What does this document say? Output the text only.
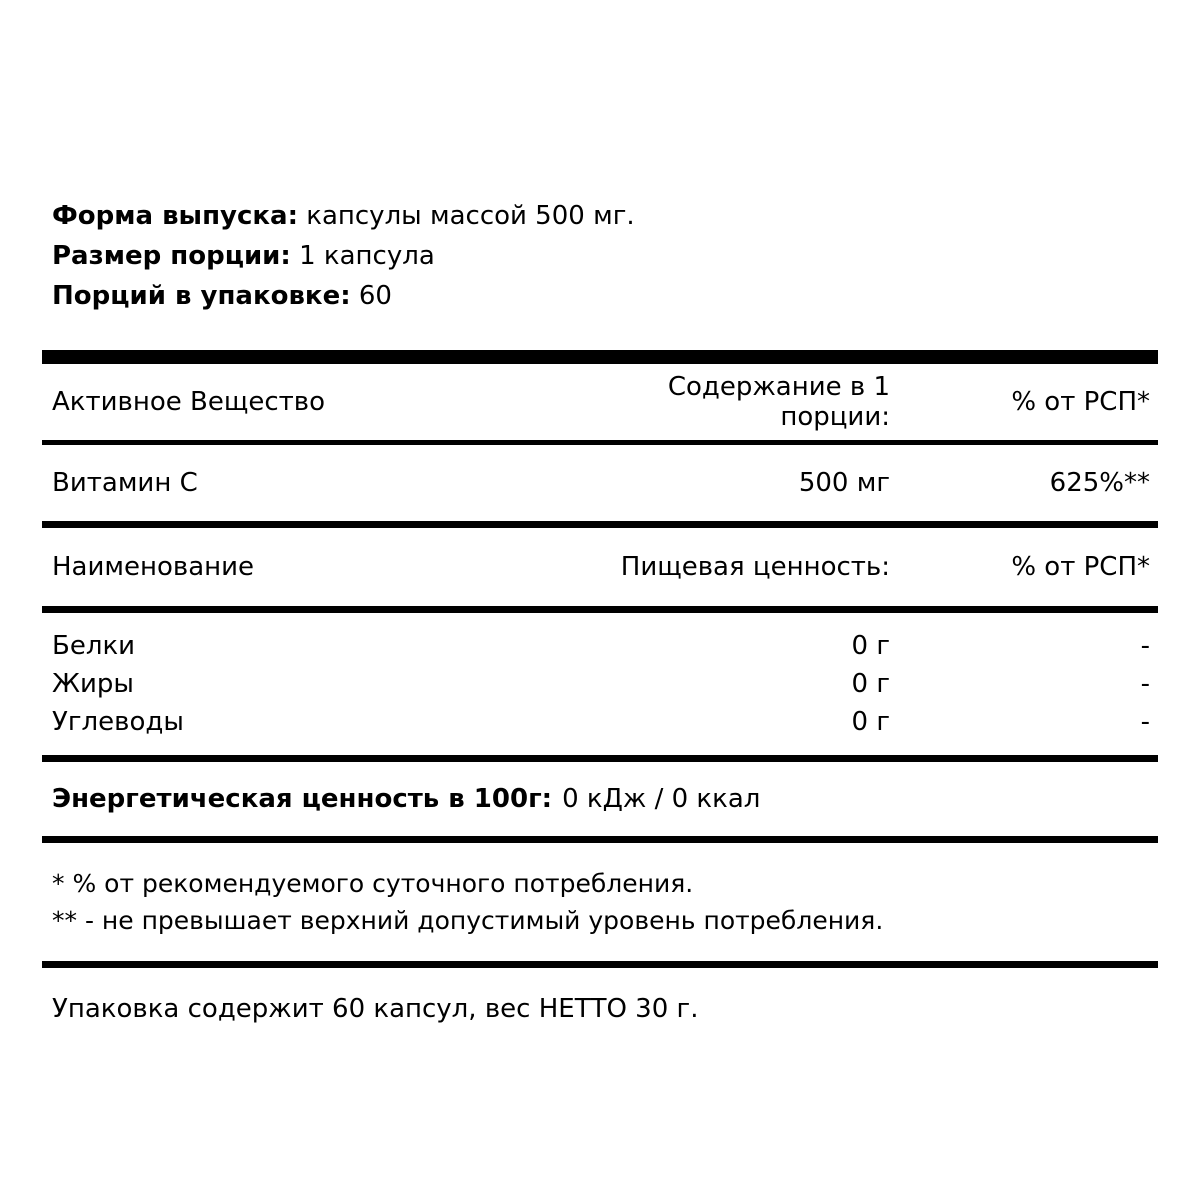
Форма выпуска: капсулы массой 500 мг.
Размер порции: 1 капсула
Порций в упаковке: 60
Активное Вещество	Содержание в 1 порции:	% от РСП*
Витамин С	500 мг	625%**
Наименование	Пищевая ценность:	% от РСП*
Белки	0 г	-
Жиры	0 г	-
Углеводы	0 г	-
Энергетическая ценность в 100г: 0 кДж / 0 ккал
* % от рекомендуемого суточного потребления.
** - не превышает верхний допустимый уровень потребления.
Упаковка содержит 60 капсул, вес НЕТТО 30 г.
